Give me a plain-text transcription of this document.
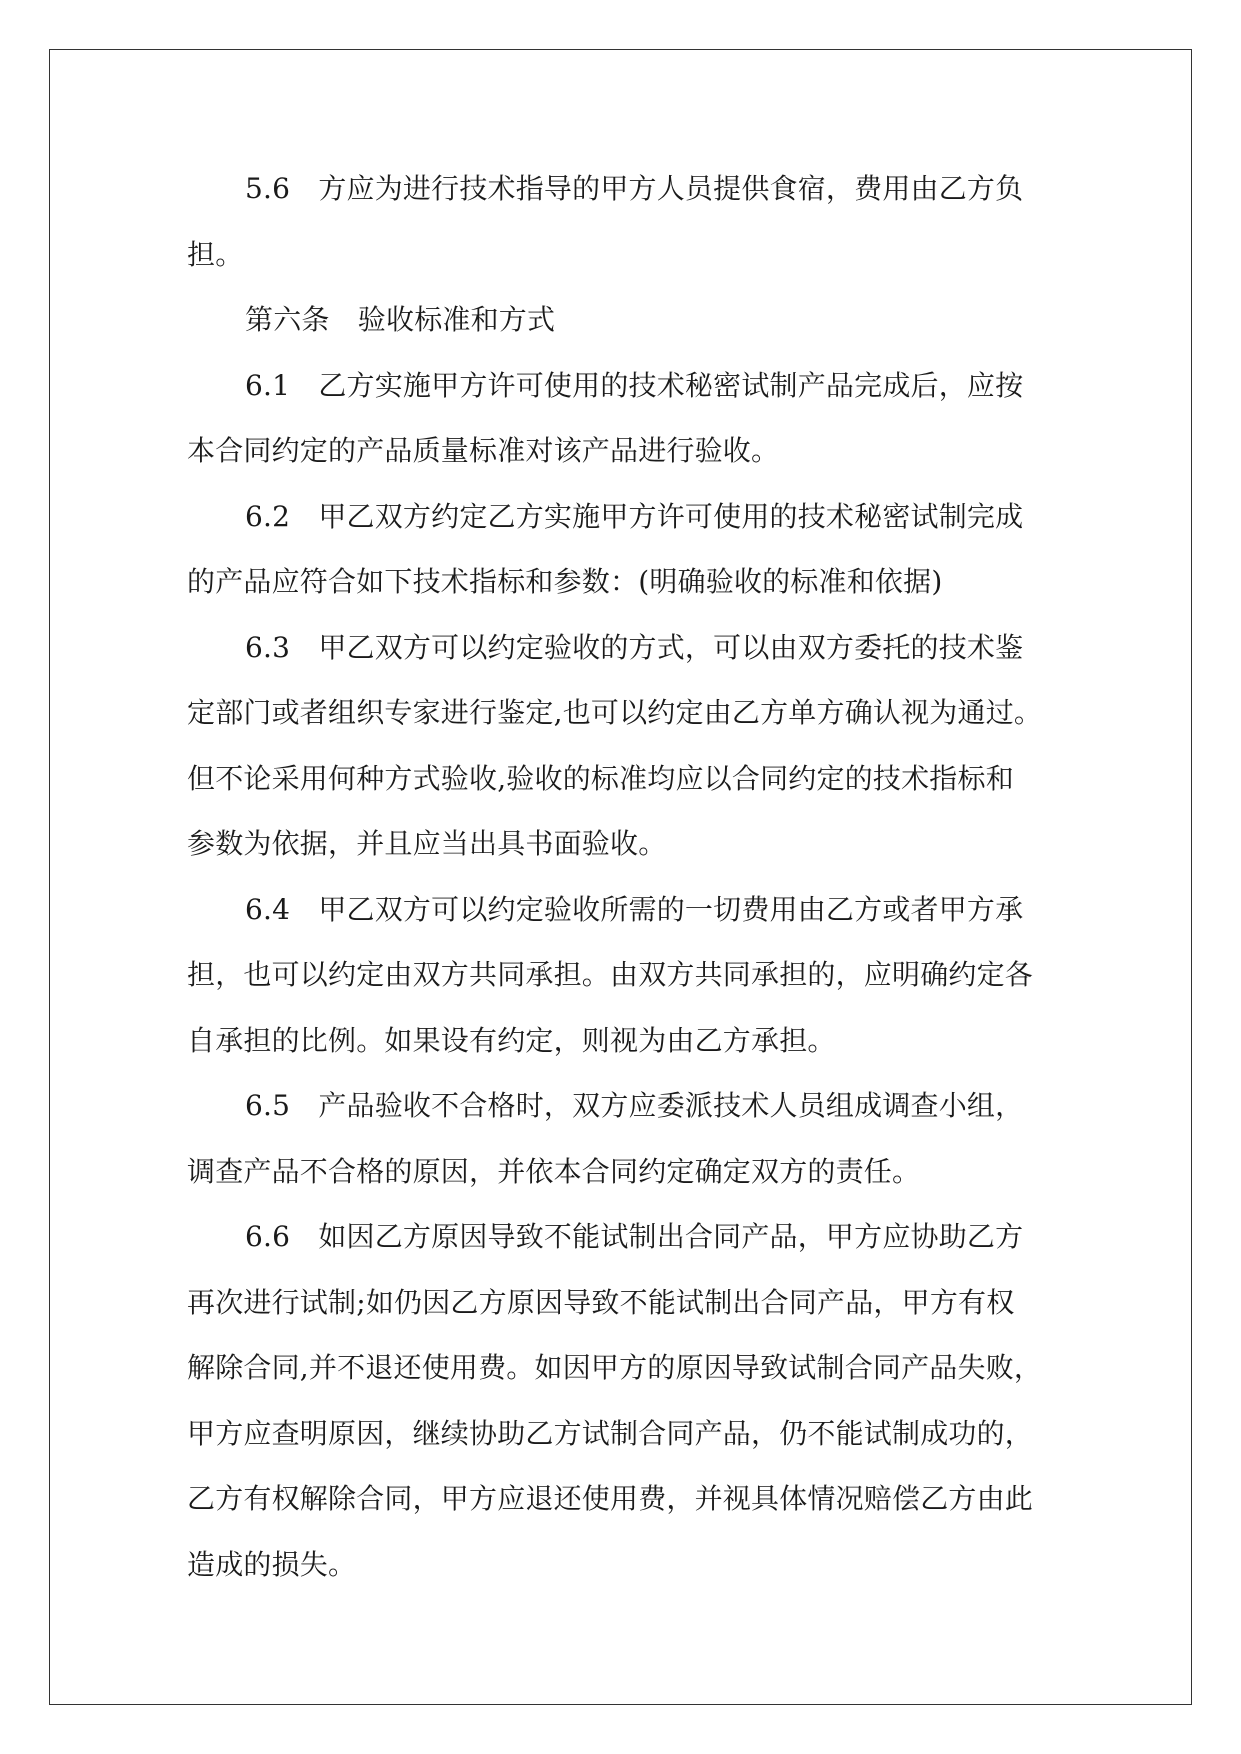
5.6　方应为进行技术指导的甲方人员提供食宿，费用由乙方负
担。

第六条　验收标准和方式

6.1　乙方实施甲方许可使用的技术秘密试制产品完成后，应按
本合同约定的产品质量标准对该产品进行验收。

6.2　甲乙双方约定乙方实施甲方许可使用的技术秘密试制完成
的产品应符合如下技术指标和参数：(明确验收的标准和依据)

6.3　甲乙双方可以约定验收的方式，可以由双方委托的技术鉴
定部门或者组织专家进行鉴定,也可以约定由乙方单方确认视为通过。
但不论采用何种方式验收,验收的标准均应以合同约定的技术指标和
参数为依据，并且应当出具书面验收。

6.4　甲乙双方可以约定验收所需的一切费用由乙方或者甲方承
担，也可以约定由双方共同承担。由双方共同承担的，应明确约定各
自承担的比例。如果设有约定，则视为由乙方承担。

6.5　产品验收不合格时，双方应委派技术人员组成调查小组，
调查产品不合格的原因，并依本合同约定确定双方的责任。

6.6　如因乙方原因导致不能试制出合同产品，甲方应协助乙方
再次进行试制;如仍因乙方原因导致不能试制出合同产品，甲方有权
解除合同,并不退还使用费。如因甲方的原因导致试制合同产品失败，
甲方应查明原因，继续协助乙方试制合同产品，仍不能试制成功的，
乙方有权解除合同，甲方应退还使用费，并视具体情况赔偿乙方由此
造成的损失。
